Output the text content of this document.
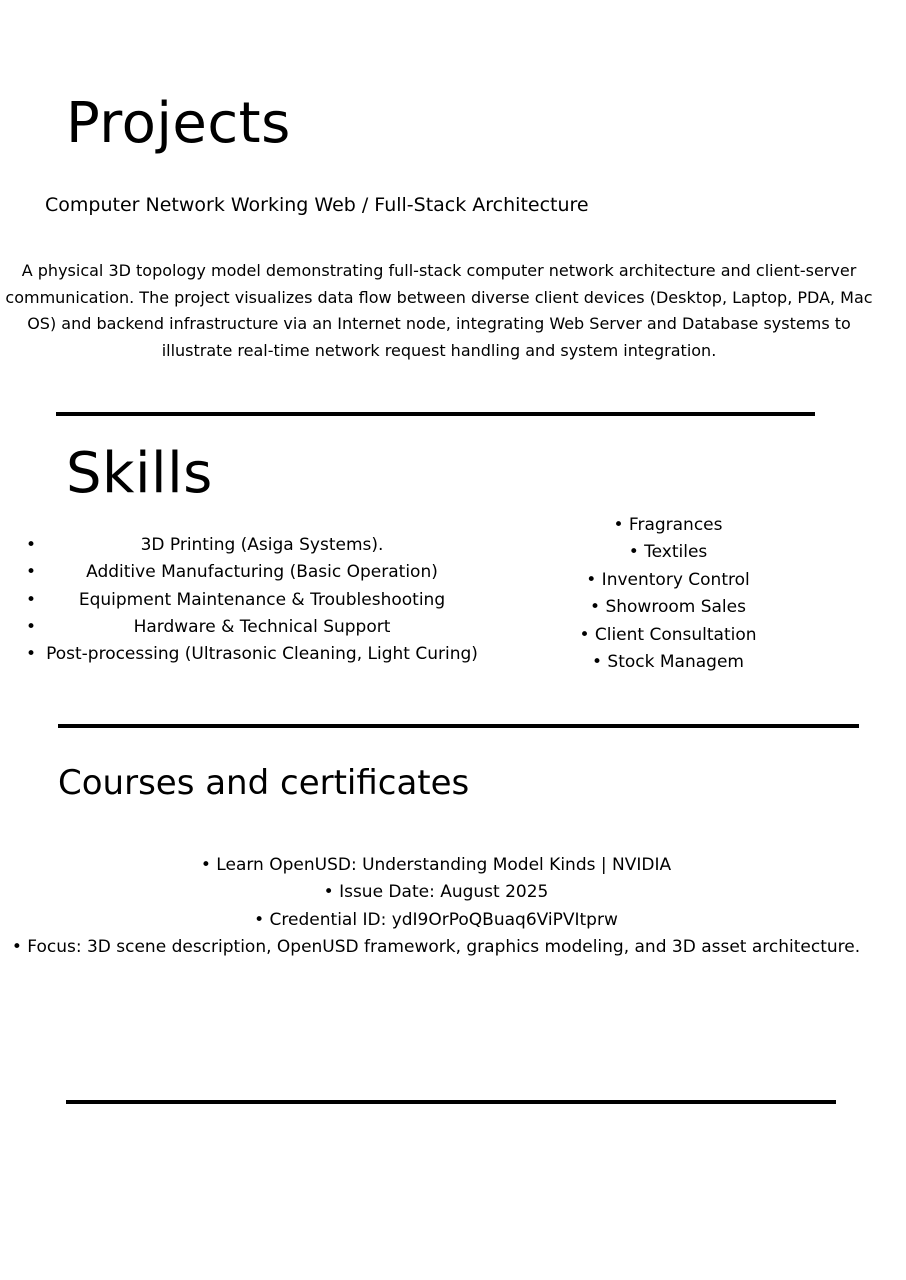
Projects
Computer Network Working Web / Full-Stack Architecture

A physical 3D topology model demonstrating full-stack computer network architecture and client-server communication. The project visualizes data flow between diverse client devices (Desktop, Laptop, PDA, Mac OS) and backend infrastructure via an Internet node, integrating Web Server and Database systems to illustrate real-time network request handling and system integration.

Skills
•	3D Printing (Asiga Systems).
•	Additive Manufacturing (Basic Operation)
•	Equipment Maintenance & Troubleshooting
•	Hardware & Technical Support
• Post-processing (Ultrasonic Cleaning, Light Curing)
• Fragrances
• Textiles
• Inventory Control
• Showroom Sales
• Client Consultation
• Stock Managem
Courses and certificates
• Learn OpenUSD: Understanding Model Kinds | NVIDIA
• Issue Date: August 2025
• Credential ID: ydI9OrPoQBuaq6ViPVItprw
• Focus: 3D scene description, OpenUSD framework, graphics modeling, and 3D asset architecture.
